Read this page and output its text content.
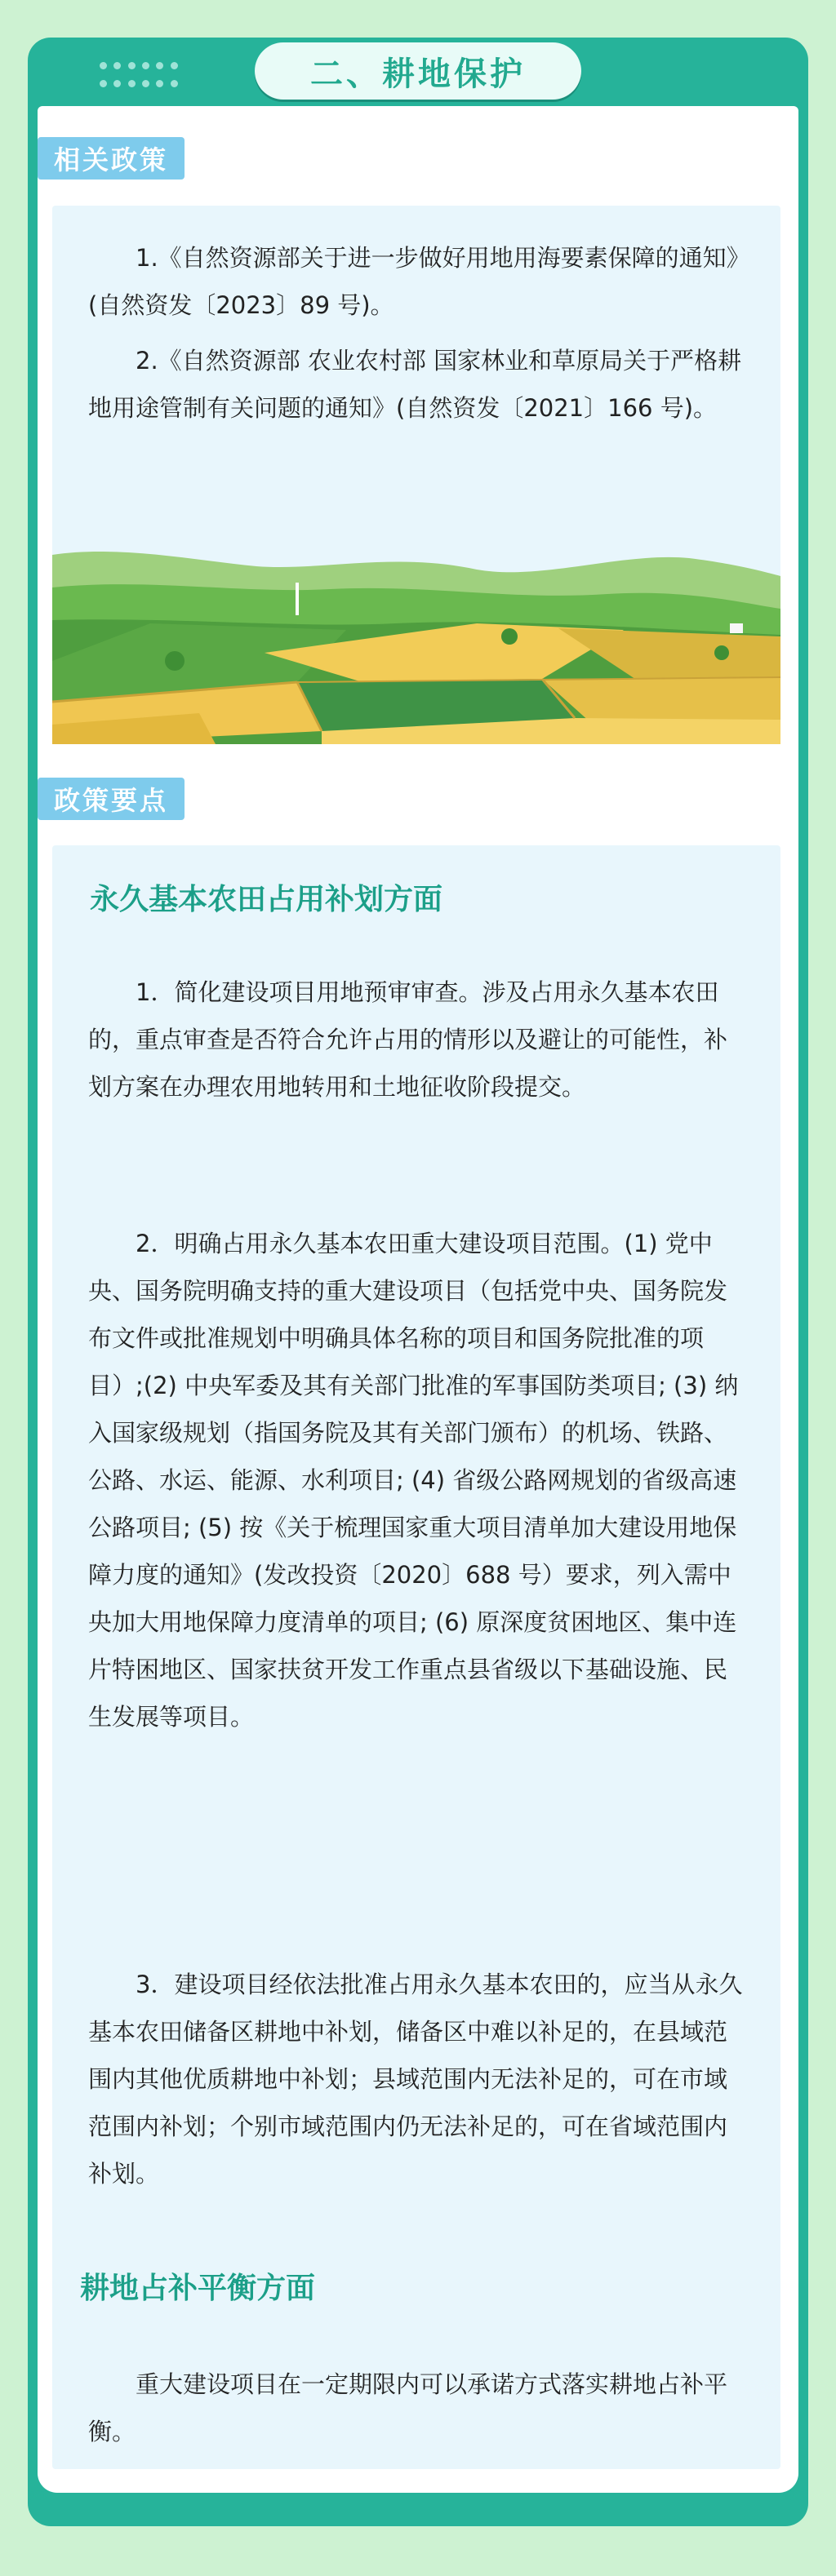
二、耕地保护
相关政策

1.《自然资源部关于进一步做好用地用海要素保障的通知》(自然资发〔2023〕89 号)。

2.《自然资源部 农业农村部 国家林业和草原局关于严格耕地用途管制有关问题的通知》(自然资发〔2021〕166 号)。

政策要点
永久基本农田占用补划方面

1．简化建设项目用地预审审查。涉及占用永久基本农田的，重点审查是否符合允许占用的情形以及避让的可能性，补划方案在办理农用地转用和土地征收阶段提交。

2．明确占用永久基本农田重大建设项目范围。(1) 党中央、国务院明确支持的重大建设项目（包括党中央、国务院发布文件或批准规划中明确具体名称的项目和国务院批准的项目）;(2) 中央军委及其有关部门批准的军事国防类项目; (3) 纳入国家级规划（指国务院及其有关部门颁布）的机场、铁路、公路、水运、能源、水利项目; (4) 省级公路网规划的省级高速公路项目; (5) 按《关于梳理国家重大项目清单加大建设用地保障力度的通知》(发改投资〔2020〕688 号）要求，列入需中央加大用地保障力度清单的项目; (6) 原深度贫困地区、集中连片特困地区、国家扶贫开发工作重点县省级以下基础设施、民生发展等项目。

3．建设项目经依法批准占用永久基本农田的，应当从永久基本农田储备区耕地中补划，储备区中难以补足的，在县域范围内其他优质耕地中补划；县域范围内无法补足的，可在市域范围内补划；个别市域范围内仍无法补足的，可在省域范围内补划。

耕地占补平衡方面

重大建设项目在一定期限内可以承诺方式落实耕地占补平衡。
